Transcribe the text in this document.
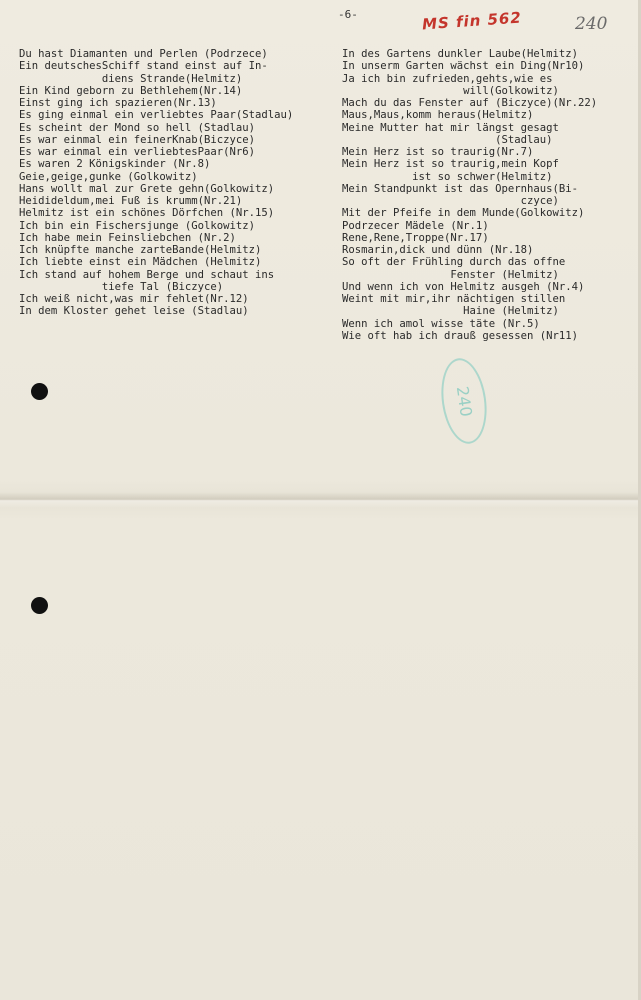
-6-	MS fin 562	240
240
Du hast Diamanten und Perlen (Podrzece)
Ein deutschesSchiff stand einst auf In-
diens Strande(Helmitz)
Ein Kind geborn zu Bethlehem(Nr.14)
Einst ging ich spazieren(Nr.13)
Es ging einmal ein verliebtes Paar(Stadlau)
Es scheint der Mond so hell (Stadlau)
Es war einmal ein feinerKnab(Biczyce)
Es war einmal ein verliebtesPaar(Nr6)
Es waren 2 Königskinder (Nr.8)
Geie,geige,gunke (Golkowitz)
Hans wollt mal zur Grete gehn(Golkowitz)
Heidideldum,mei Fuß is krumm(Nr.21)
Helmitz ist ein schönes Dörfchen (Nr.15)
Ich bin ein Fischersjunge (Golkowitz)
Ich habe mein Feinsliebchen (Nr.2)
Ich knüpfte manche zarteBande(Helmitz)
Ich liebte einst ein Mädchen (Helmitz)
Ich stand auf hohem Berge und schaut ins
tiefe Tal (Biczyce)
Ich weiß nicht,was mir fehlet(Nr.12)
In dem Kloster gehet leise (Stadlau)
In des Gartens dunkler Laube(Helmitz)
In unserm Garten wächst ein Ding(Nr10)
Ja ich bin zufrieden,gehts,wie es
will(Golkowitz)
Mach du das Fenster auf (Biczyce)(Nr.22)
Maus,Maus,komm heraus(Helmitz)
Meine Mutter hat mir längst gesagt
(Stadlau)
Mein Herz ist so traurig(Nr.7)
Mein Herz ist so traurig,mein Kopf
ist so schwer(Helmitz)
Mein Standpunkt ist das Opernhaus(Bi-
czyce)
Mit der Pfeife in dem Munde(Golkowitz)
Podrzecer Mädele (Nr.1)
Rene,Rene,Troppe(Nr.17)
Rosmarin,dick und dünn (Nr.18)
So oft der Frühling durch das offne
Fenster (Helmitz)
Und wenn ich von Helmitz ausgeh (Nr.4)
Weint mit mir,ihr nächtigen stillen
Haine (Helmitz)
Wenn ich amol wisse täte (Nr.5)
Wie oft hab ich drauß gesessen (Nr11)
